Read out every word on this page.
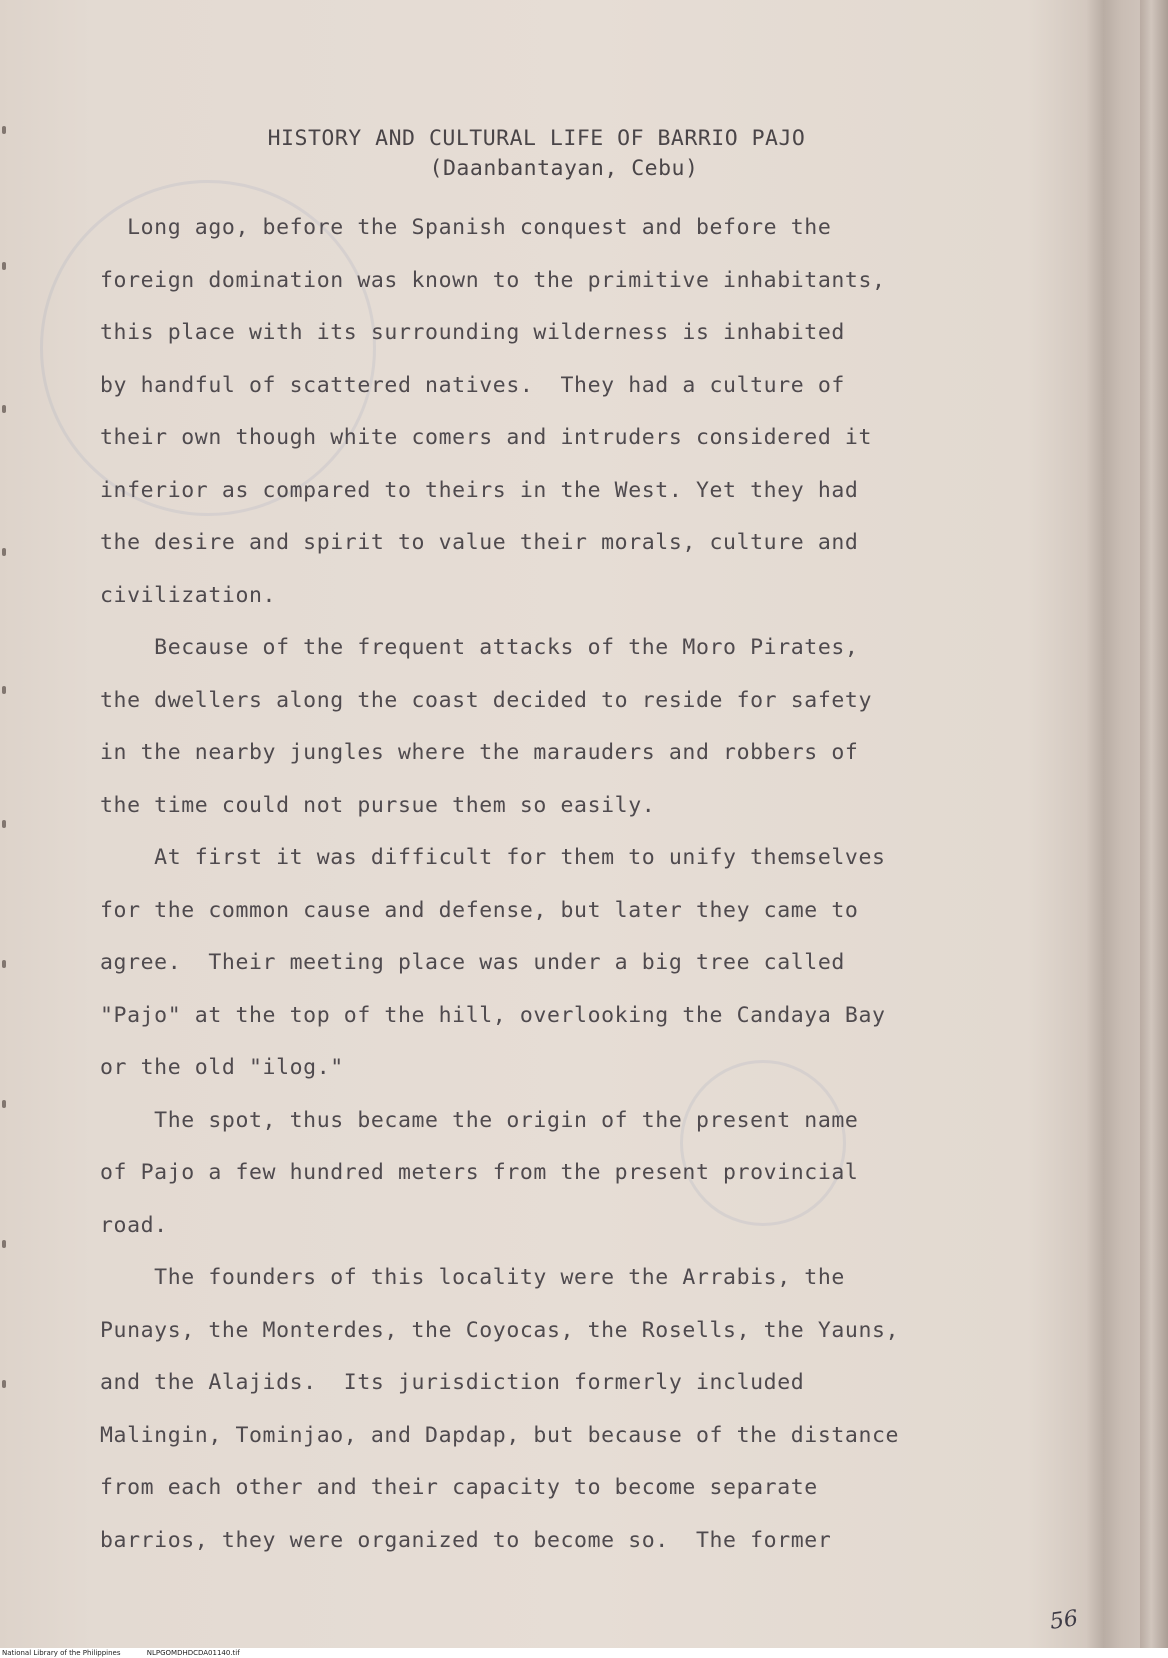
HISTORY AND CULTURAL LIFE OF BARRIO PAJO
(Daanbantayan, Cebu)
Long ago, before the Spanish conquest and before the
foreign domination was known to the primitive inhabitants,
this place with its surrounding wilderness is inhabited
by handful of scattered natives.  They had a culture of
their own though white comers and intruders considered it
inferior as compared to theirs in the West. Yet they had
the desire and spirit to value their morals, culture and
civilization.
Because of the frequent attacks of the Moro Pirates,
the dwellers along the coast decided to reside for safety
in the nearby jungles where the marauders and robbers of
the time could not pursue them so easily.
At first it was difficult for them to unify themselves
for the common cause and defense, but later they came to
agree.  Their meeting place was under a big tree called
"Pajo" at the top of the hill, overlooking the Candaya Bay
or the old "ilog."
The spot, thus became the origin of the present name
of Pajo a few hundred meters from the present provincial
road.
The founders of this locality were the Arrabis, the
Punays, the Monterdes, the Coyocas, the Rosells, the Yauns,
and the Alajids.  Its jurisdiction formerly included
Malingin, Tominjao, and Dapdap, but because of the distance
from each other and their capacity to become separate
barrios, they were organized to become so.  The former
56
National Library of the Philippines	NLPGOMDHDCDA01140.tif
